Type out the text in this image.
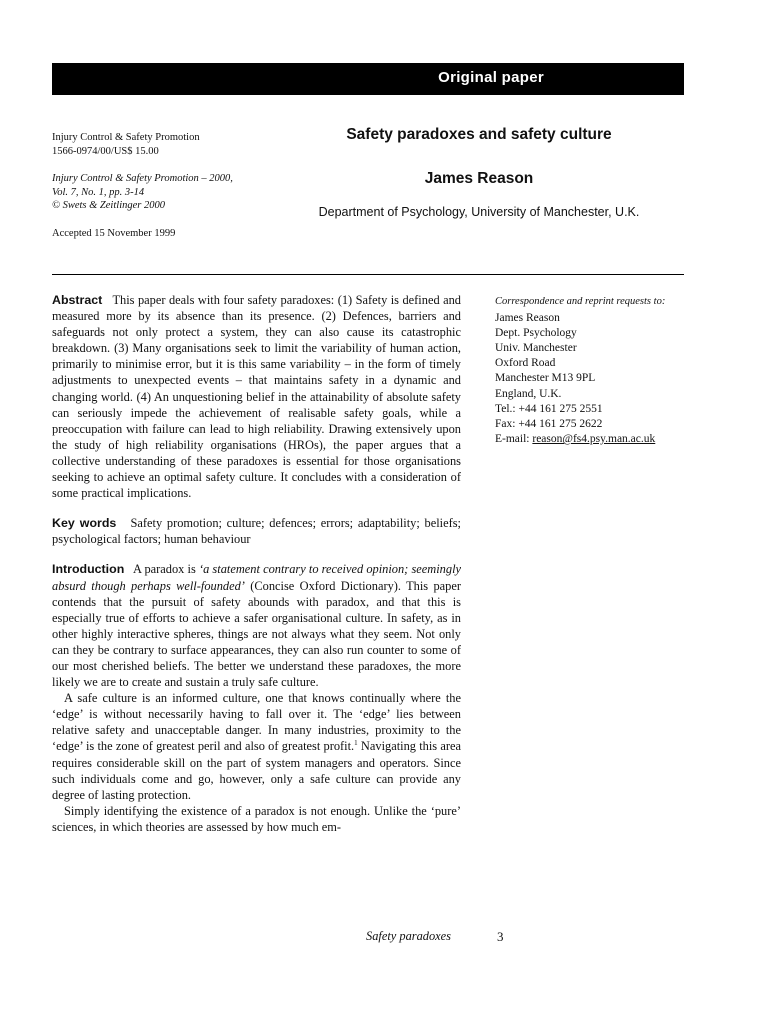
Original paper
Injury Control & Safety Promotion
1566-0974/00/US$ 15.00
Injury Control & Safety Promotion – 2000,
Vol. 7, No. 1, pp. 3-14
© Swets & Zeitlinger 2000
Accepted 15 November 1999
Safety paradoxes and safety culture
James Reason
Department of Psychology, University of Manchester, U.K.

Abstract This paper deals with four safety paradoxes: (1) Safety is defined and measured more by its absence than its presence. (2) Defences, barriers and safeguards not only protect a system, they can also cause its catastrophic breakdown. (3) Many organisations seek to limit the variability of human action, primarily to minimise error, but it is this same variability – in the form of timely adjustments to unexpected events – that maintains safety in a dynamic and changing world. (4) An unquestioning belief in the attainability of absolute safety can seriously impede the achievement of realisable safety goals, while a preoccupation with failure can lead to high reliability. Drawing extensively upon the study of high reliability organisations (HROs), the paper argues that a collective understanding of these paradoxes is essential for those organisations seeking to achieve an optimal safety culture. It concludes with a consideration of some practical implications.

Key words Safety promotion; culture; defences; errors; adaptability; beliefs; psychological factors; human behaviour

Introduction A paradox is ‘a statement contrary to received opinion; seemingly absurd though perhaps well-founded’ (Concise Oxford Dictionary). This paper contends that the pursuit of safety abounds with paradox, and that this is especially true of efforts to achieve a safer organisational culture. In safety, as in other highly interactive spheres, things are not always what they seem. Not only can they be contrary to surface appearances, they can also run counter to some of our most cherished beliefs. The better we understand these paradoxes, the more likely we are to create and sustain a truly safe culture.

A safe culture is an informed culture, one that knows continually where the ‘edge’ is without necessarily having to fall over it. The ‘edge’ lies between relative safety and unacceptable danger. In many industries, proximity to the ‘edge’ is the zone of greatest peril and also of greatest profit.$^1$ Navigating this area requires considerable skill on the part of system managers and operators. Since such individuals come and go, however, only a safe culture can provide any degree of lasting protection.

Simply identifying the existence of a paradox is not enough. Unlike the ‘pure’ sciences, in which theories are assessed by how much em-

Correspondence and reprint requests to:
James Reason
Dept. Psychology
Univ. Manchester
Oxford Road
Manchester M13 9PL
England, U.K.
Tel.: +44 161 275 2551
Fax: +44 161 275 2622
E-mail: reason@fs4.psy.man.ac.uk
Safety paradoxes	3
